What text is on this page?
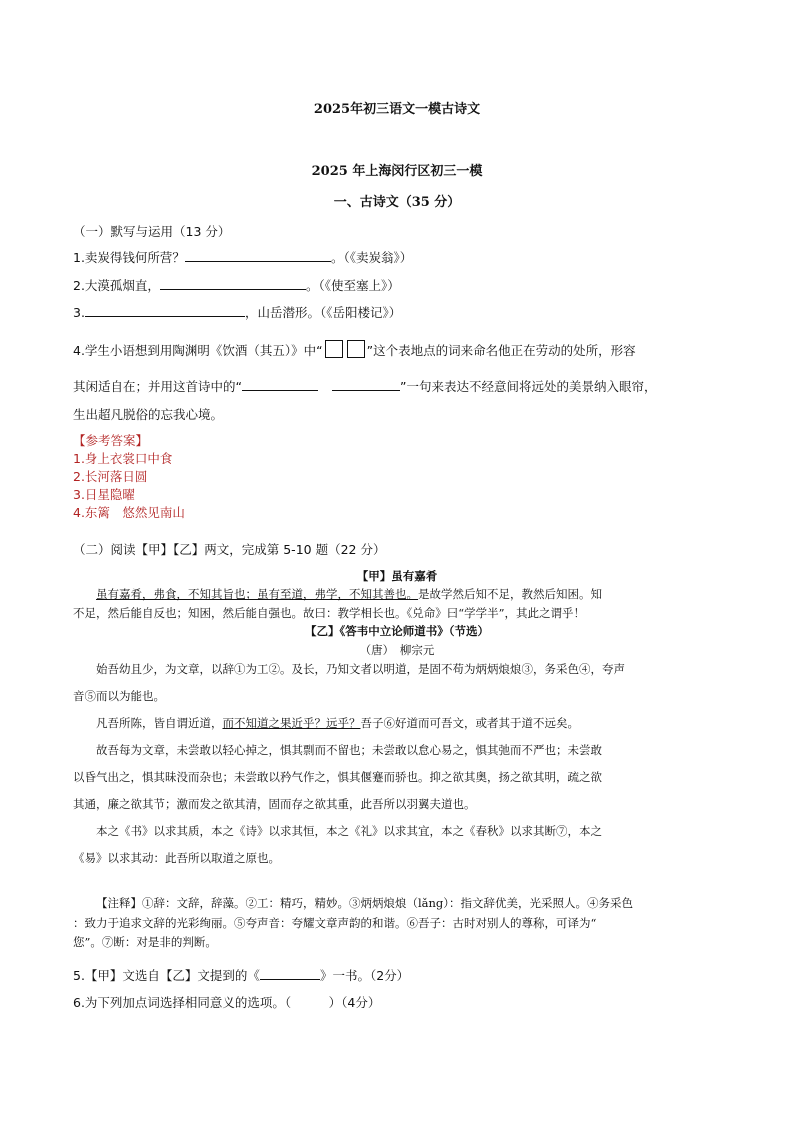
2025年初三语文一模古诗文
2025 年上海闵行区初三一模
一、古诗文（35 分）
（一）默写与运用（13 分）
1.卖炭得钱何所营？	。（《卖炭翁》）
2.大漠孤烟直，	。（《使至塞上》）
3.	，山岳潜形。（《岳阳楼记》）
4.学生小语想到用陶渊明《饮酒（其五）》中“	”这个表地点的词来命名他正在劳动的处所，形容
其闲适自在；并用这首诗中的“	”一句来表达不经意间将远处的美景纳入眼帘，
生出超凡脱俗的忘我心境。
【参考答案】
1.身上衣裳口中食
2.长河落日圆
3.日星隐曜
4.东篱　悠然见南山
（二）阅读【甲】【乙】两文，完成第 5-10 题（22 分）
【甲】虽有嘉肴
虽有嘉肴，弗食，不知其旨也；虽有至道，弗学，不知其善也。是故学然后知不足，教然后知困。知
不足，然后能自反也；知困，然后能自强也。故曰：教学相长也。《兑命》曰“学学半”，其此之谓乎！
【乙】《答韦中立论师道书》（节选）
（唐）　柳宗元
始吾幼且少，为文章，以辞①为工②。及长，乃知文者以明道，是固不苟为炳炳烺烺③，务采色④，夸声
音⑤而以为能也。
凡吾所陈，皆自谓近道，而不知道之果近乎？远乎？吾子⑥好道而可吾文，或者其于道不远矣。
故吾每为文章，未尝敢以轻心掉之，惧其剽而不留也；未尝敢以怠心易之，惧其弛而不严也；未尝敢
以昏气出之，惧其昧没而杂也；未尝敢以矜气作之，惧其偃蹇而骄也。抑之欲其奥，扬之欲其明，疏之欲
其通，廉之欲其节；激而发之欲其清，固而存之欲其重，此吾所以羽翼夫道也。
本之《书》以求其质，本之《诗》以求其恒，本之《礼》以求其宜，本之《春秋》以求其断⑦，本之
《易》以求其动：此吾所以取道之原也。
【注释】①辞：文辞，辞藻。②工：精巧，精妙。③炳炳烺烺（lǎng）：指文辞优美，光采照人。④务采色
：致力于追求文辞的光彩绚丽。⑤夸声音：夸耀文章声韵的和谐。⑥吾子：古时对别人的尊称，可译为“
您”。⑦断：对是非的判断。
5.【甲】文选自【乙】文提到的《	》一书。（2分）
6.为下列加点词选择相同意义的选项。（　　　）（4分）
